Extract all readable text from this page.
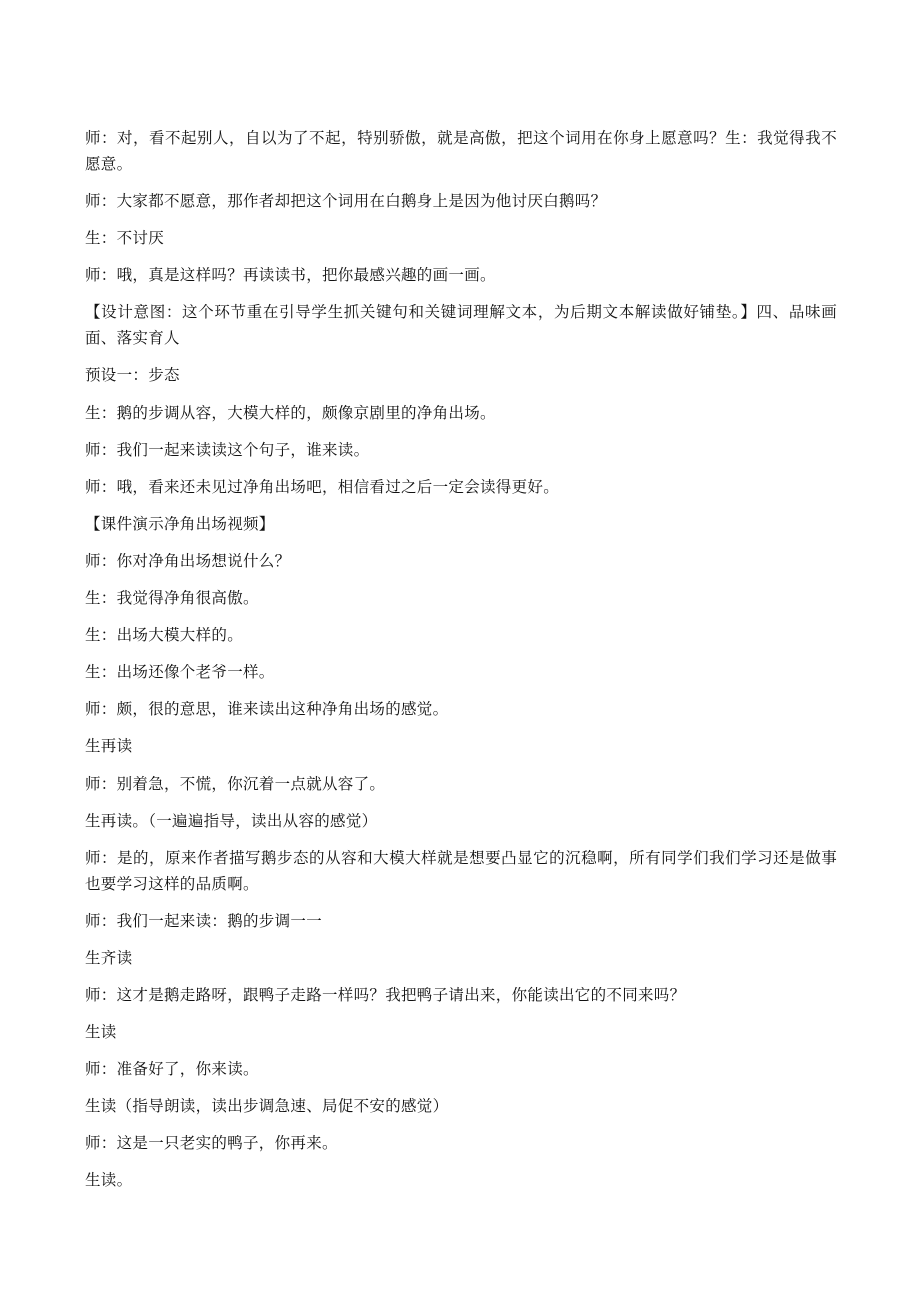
师：对，看不起别人，自以为了不起，特别骄傲，就是高傲，把这个词用在你身上愿意吗？生：我觉得我不愿意。

师：大家都不愿意，那作者却把这个词用在白鹅身上是因为他讨厌白鹅吗？

生：不讨厌

师：哦，真是这样吗？再读读书，把你最感兴趣的画一画。

【设计意图：这个环节重在引导学生抓关键句和关键词理解文本，为后期文本解读做好铺垫。】四、品味画面、落实育人

预设一：步态

生：鹅的步调从容，大模大样的，颇像京剧里的净角出场。

师：我们一起来读读这个句子，谁来读。

师：哦，看来还未见过净角出场吧，相信看过之后一定会读得更好。

【课件演示净角出场视频】

师：你对净角出场想说什么？

生：我觉得净角很高傲。

生：出场大模大样的。

生：出场还像个老爷一样。

师：颇，很的意思，谁来读出这种净角出场的感觉。

生再读

师：别着急，不慌，你沉着一点就从容了。

生再读。（一遍遍指导，读出从容的感觉）

师：是的，原来作者描写鹅步态的从容和大模大样就是想要凸显它的沉稳啊，所有同学们我们学习还是做事也要学习这样的品质啊。

师：我们一起来读：鹅的步调一一

生齐读

师：这才是鹅走路呀，跟鸭子走路一样吗？我把鸭子请出来，你能读出它的不同来吗？

生读

师：准备好了，你来读。

生读（指导朗读，读出步调急速、局促不安的感觉）

师：这是一只老实的鸭子，你再来。

生读。
